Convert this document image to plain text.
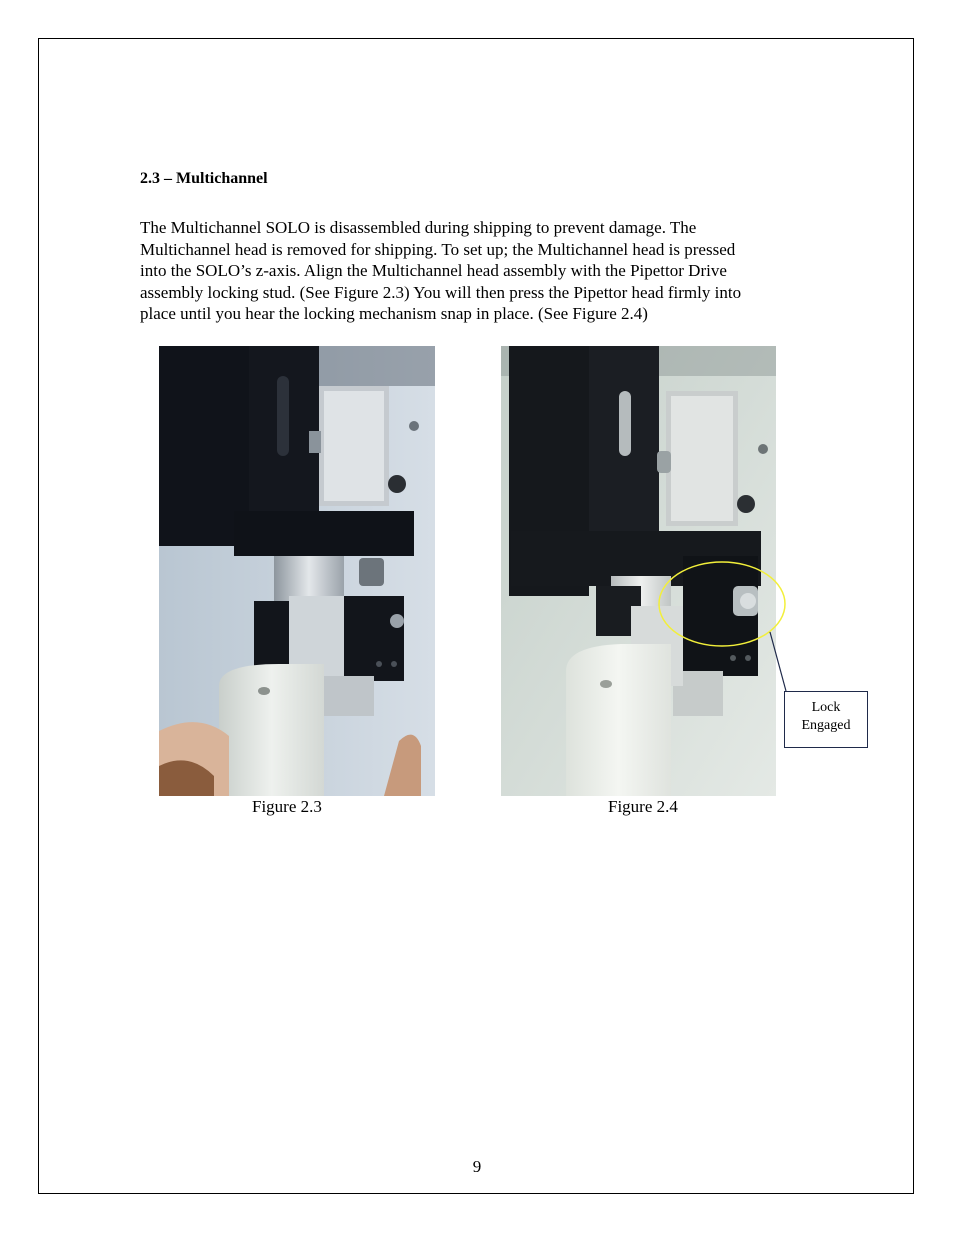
2.3 – Multichannel

The Multichannel SOLO is disassembled during shipping to prevent damage. The
Multichannel head is removed for shipping. To set up; the Multichannel head is pressed
into the SOLO’s z-axis. Align the Multichannel head assembly with the Pipettor Drive
assembly locking stud. (See Figure 2.3) You will then press the Pipettor head firmly into
place until you hear the locking mechanism snap in place. (See Figure 2.4)

Figure 2.3	Figure 2.4
Lock
Engaged
9
